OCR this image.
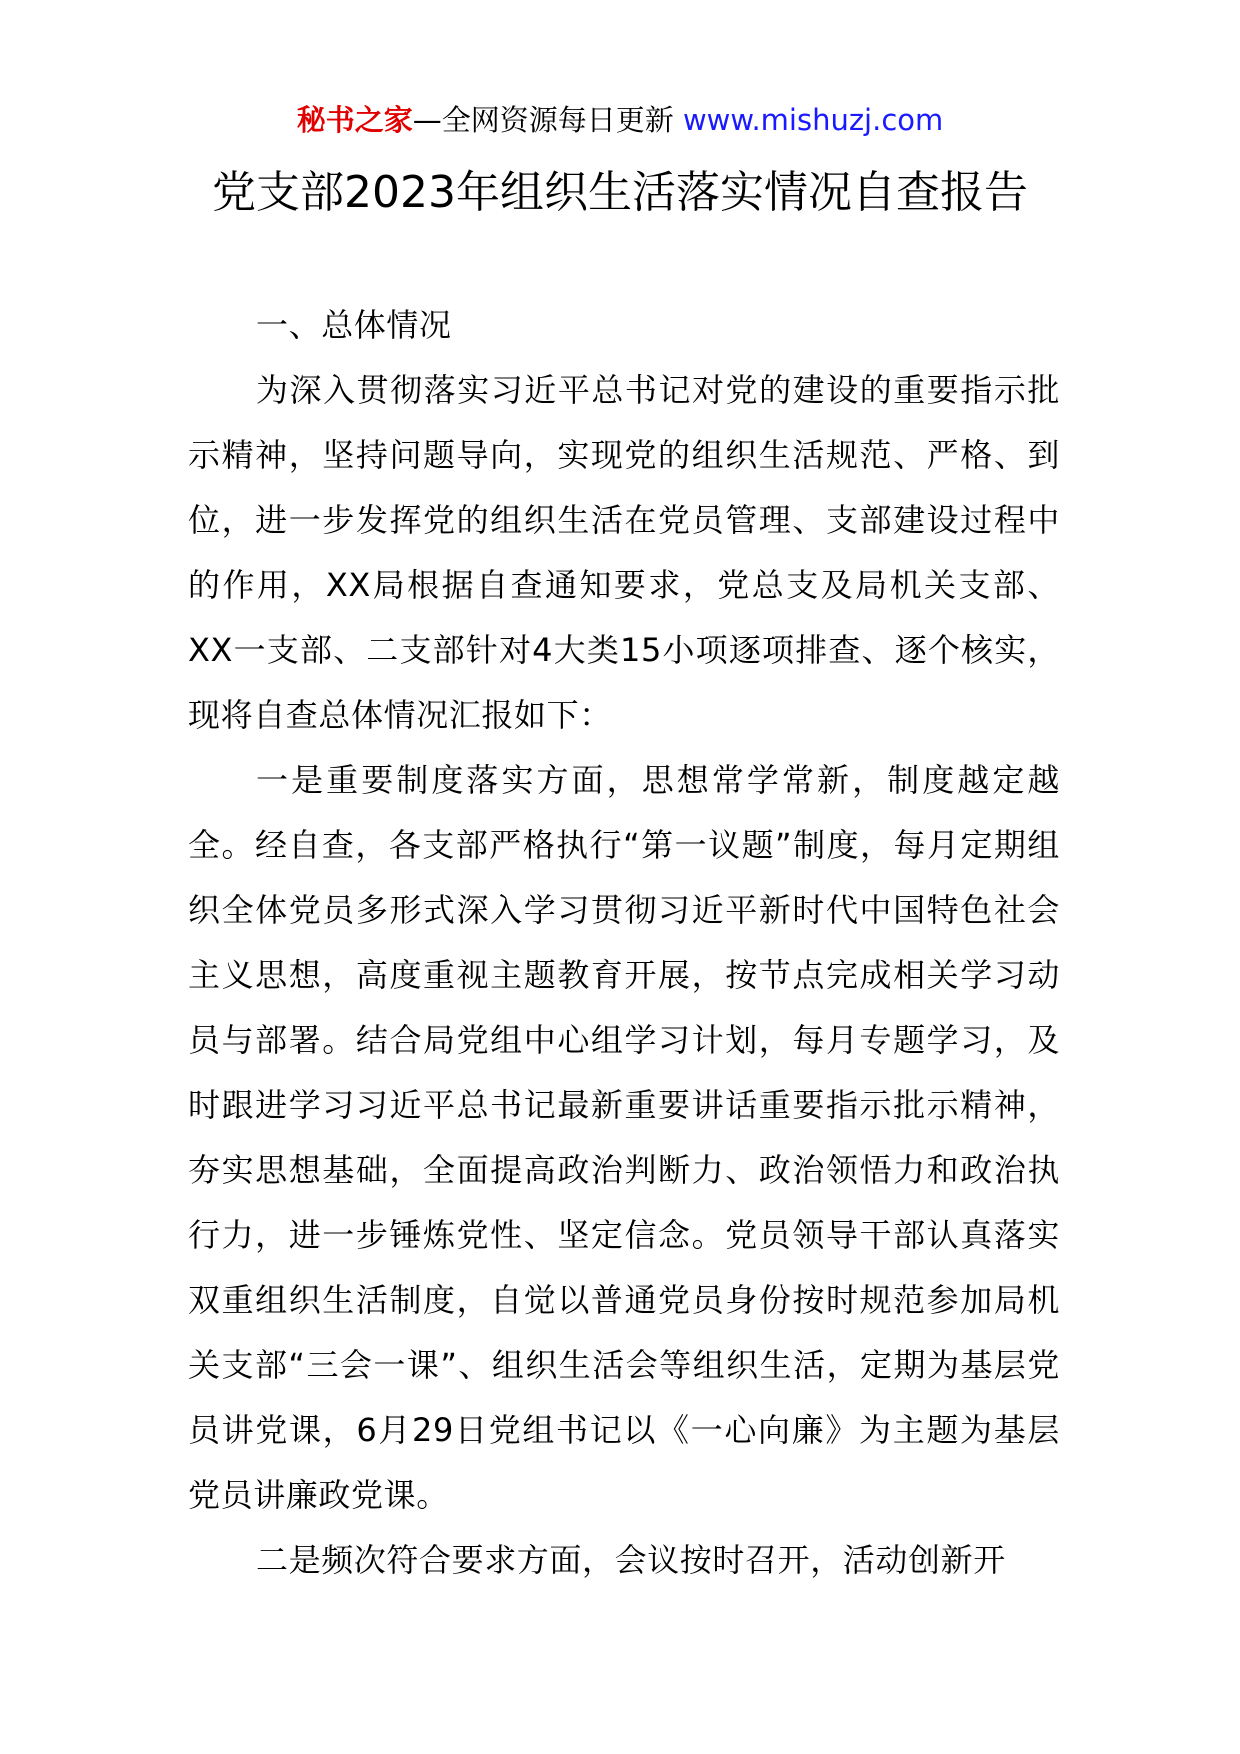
秘书之家—全网资源每日更新 www.mishuzj.com
党支部2023年组织生活落实情况自查报告

一、总体情况

为深入贯彻落实习近平总书记对党的建设的重要指示批示精神，坚持问题导向，实现党的组织生活规范、严格、到位，进一步发挥党的组织生活在党员管理、支部建设过程中的作用，XX局根据自查通知要求，党总支及局机关支部、XX一支部、二支部针对4大类15小项逐项排查、逐个核实，现将自查总体情况汇报如下：

一是重要制度落实方面，思想常学常新，制度越定越全。经自查，各支部严格执行“第一议题”制度，每月定期组织全体党员多形式深入学习贯彻习近平新时代中国特色社会主义思想，高度重视主题教育开展，按节点完成相关学习动员与部署。结合局党组中心组学习计划，每月专题学习，及时跟进学习习近平总书记最新重要讲话重要指示批示精神，夯实思想基础，全面提高政治判断力、政治领悟力和政治执行力，进一步锤炼党性、坚定信念。党员领导干部认真落实双重组织生活制度，自觉以普通党员身份按时规范参加局机关支部“三会一课”、组织生活会等组织生活，定期为基层党员讲党课，6月29日党组书记以《一心向廉》为主题为基层党员讲廉政党课。

二是频次符合要求方面，会议按时召开，活动创新开
